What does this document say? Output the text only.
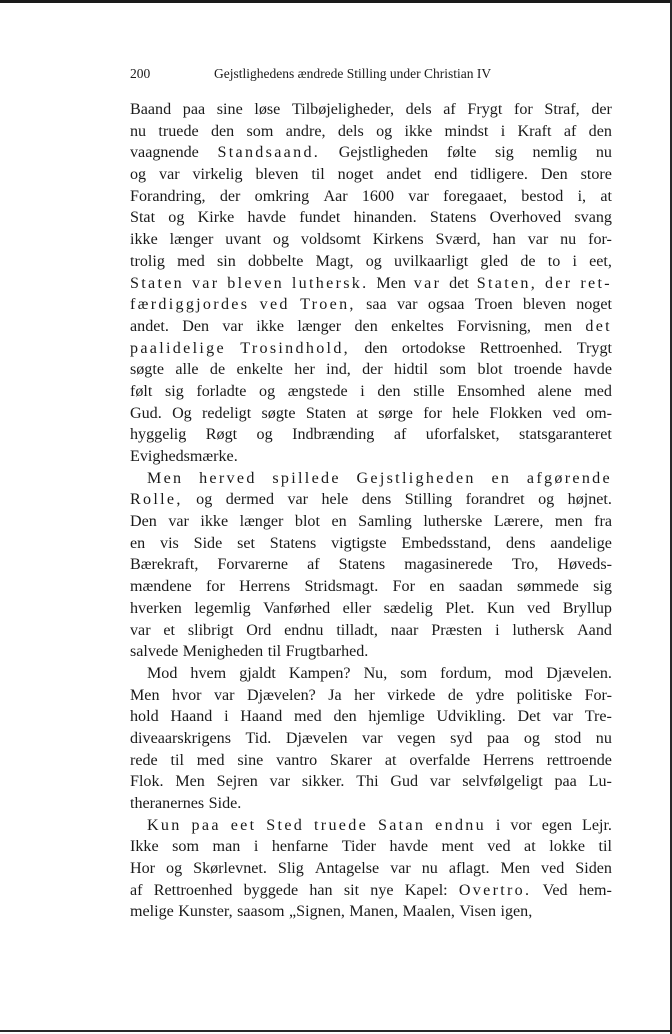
200	Gejstlighedens ændrede Stilling under Christian IV
Baand paa sine løse Tilbøjeligheder, dels af Frygt for Straf, der
nu truede den som andre, dels og ikke mindst i Kraft af den
vaagnende Standsaand. Gejstligheden følte sig nemlig nu
og var virkelig bleven til noget andet end tidligere. Den store
Forandring, der omkring Aar 1600 var foregaaet, bestod i, at
Stat og Kirke havde fundet hinanden. Statens Overhoved svang
ikke længer uvant og voldsomt Kirkens Sværd, han var nu for-
trolig med sin dobbelte Magt, og uvilkaarligt gled de to i eet,
Staten var bleven luthersk. Men var det Staten, der ret-
færdiggjordes ved Troen, saa var ogsaa Troen bleven noget
andet. Den var ikke længer den enkeltes Forvisning, men det
paalidelige Trosindhold, den ortodokse Rettroenhed. Trygt
søgte alle de enkelte her ind, der hidtil som blot troende havde
følt sig forladte og ængstede i den stille Ensomhed alene med
Gud. Og redeligt søgte Staten at sørge for hele Flokken ved om-
hyggelig Røgt og Indbrænding af uforfalsket, statsgaranteret
Evighedsmærke.
Men herved spillede Gejstligheden en afgørende
Rolle, og dermed var hele dens Stilling forandret og højnet.
Den var ikke længer blot en Samling lutherske Lærere, men fra
en vis Side set Statens vigtigste Embedsstand, dens aandelige
Bærekraft, Forvarerne af Statens magasinerede Tro, Høveds-
mændene for Herrens Stridsmagt. For en saadan sømmede sig
hverken legemlig Vanførhed eller sædelig Plet. Kun ved Bryllup
var et slibrigt Ord endnu tilladt, naar Præsten i luthersk Aand
salvede Menigheden til Frugtbarhed.
Mod hvem gjaldt Kampen? Nu, som fordum, mod Djævelen.
Men hvor var Djævelen? Ja her virkede de ydre politiske For-
hold Haand i Haand med den hjemlige Udvikling. Det var Tre-
diveaarskrigens Tid. Djævelen var vegen syd paa og stod nu
rede til med sine vantro Skarer at overfalde Herrens rettroende
Flok. Men Sejren var sikker. Thi Gud var selvfølgeligt paa Lu-
theranernes Side.
Kun paa eet Sted truede Satan endnu i vor egen Lejr.
Ikke som man i henfarne Tider havde ment ved at lokke til
Hor og Skørlevnet. Slig Antagelse var nu aflagt. Men ved Siden
af Rettroenhed byggede han sit nye Kapel: Overtro. Ved hem-
melige Kunster, saasom „Signen, Manen, Maalen, Visen igen,
